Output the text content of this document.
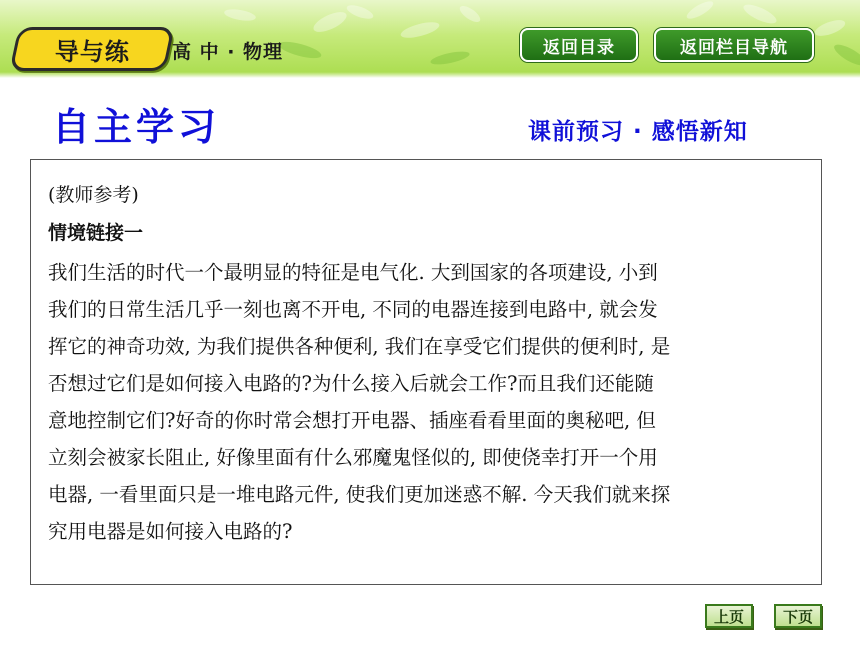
导与练 高 中 · 物理	返回目录	返回栏目导航
自主学习	课前预习 · 感悟新知
(教师参考)
情境链接一
我们生活的时代一个最明显的特征是电气化. 大到国家的各项建设, 小到
我们的日常生活几乎一刻也离不开电, 不同的电器连接到电路中, 就会发
挥它的神奇功效, 为我们提供各种便利, 我们在享受它们提供的便利时, 是
否想过它们是如何接入电路的?为什么接入后就会工作?而且我们还能随
意地控制它们?好奇的你时常会想打开电器、插座看看里面的奥秘吧, 但
立刻会被家长阻止, 好像里面有什么邪魔鬼怪似的, 即使侥幸打开一个用
电器, 一看里面只是一堆电路元件, 使我们更加迷惑不解. 今天我们就来探
究用电器是如何接入电路的?
上页	下页
